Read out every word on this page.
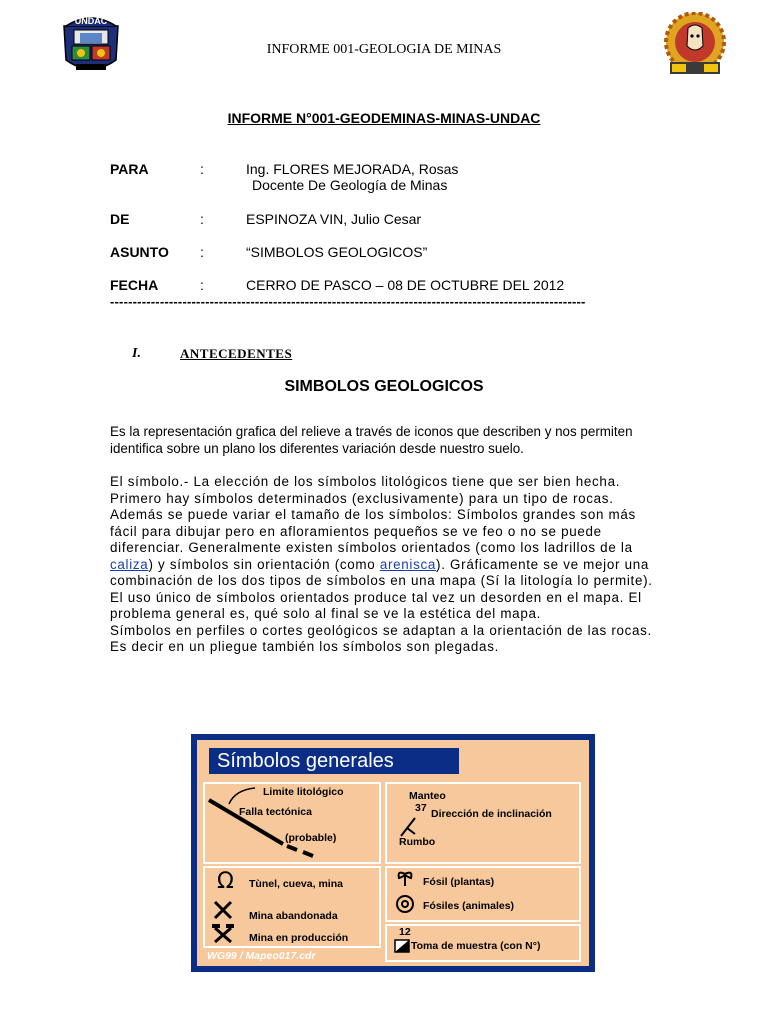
UNDAC
INFORME 001-GEOLOGIA DE MINAS
INFORME N°001-GEODEMINAS-MINAS-UNDAC
PARA	:	Ing. FLORES MEJORADA, Rosas
Docente De Geología de Minas
DE	:	ESPINOZA VIN, Julio Cesar
ASUNTO :	“SIMBOLOS GEOLOGICOS”
FECHA	:	CERRO DE PASCO – 08 DE OCTUBRE DEL 2012
---------------------------------------------------------------------------------------------------------
I.	ANTECEDENTES
SIMBOLOS GEOLOGICOS
Es la representación grafica del relieve a través de iconos que describen y nos permiten identifica sobre un plano los diferentes variación desde nuestro suelo.
El símbolo.- La elección de los símbolos litológicos tiene que ser bien hecha. Primero hay símbolos determinados (exclusivamente) para un tipo de rocas. Además se puede variar el tamaño de los símbolos: Símbolos grandes son más fácil para dibujar pero en afloramientos pequeños se ve feo o no se puede diferenciar. Generalmente existen símbolos orientados (como los ladrillos de la caliza) y símbolos sin orientación (como arenisca). Gráficamente se ve mejor una combinación de los dos tipos de símbolos en una mapa (Sí la litología lo permite). El uso único de símbolos orientados produce tal vez un desorden en el mapa. El problema general es, qué solo al final se ve la estética del mapa.
Símbolos en perfiles o cortes geológicos se adaptan a la orientación de las rocas. Es decir en un pliegue también los símbolos son plegadas.
Símbolos generales
Limite litológico
Falla tectónica
(probable)
Manteo
37 Dirección de inclinación
Rumbo
Ω Tùnel, cueva, mina
Mina abandonada
Mina en producción
Fósil (plantas)
Fósiles (animales)
12
Toma de muestra (con N°)
WG99 / Mapeo017.cdr
